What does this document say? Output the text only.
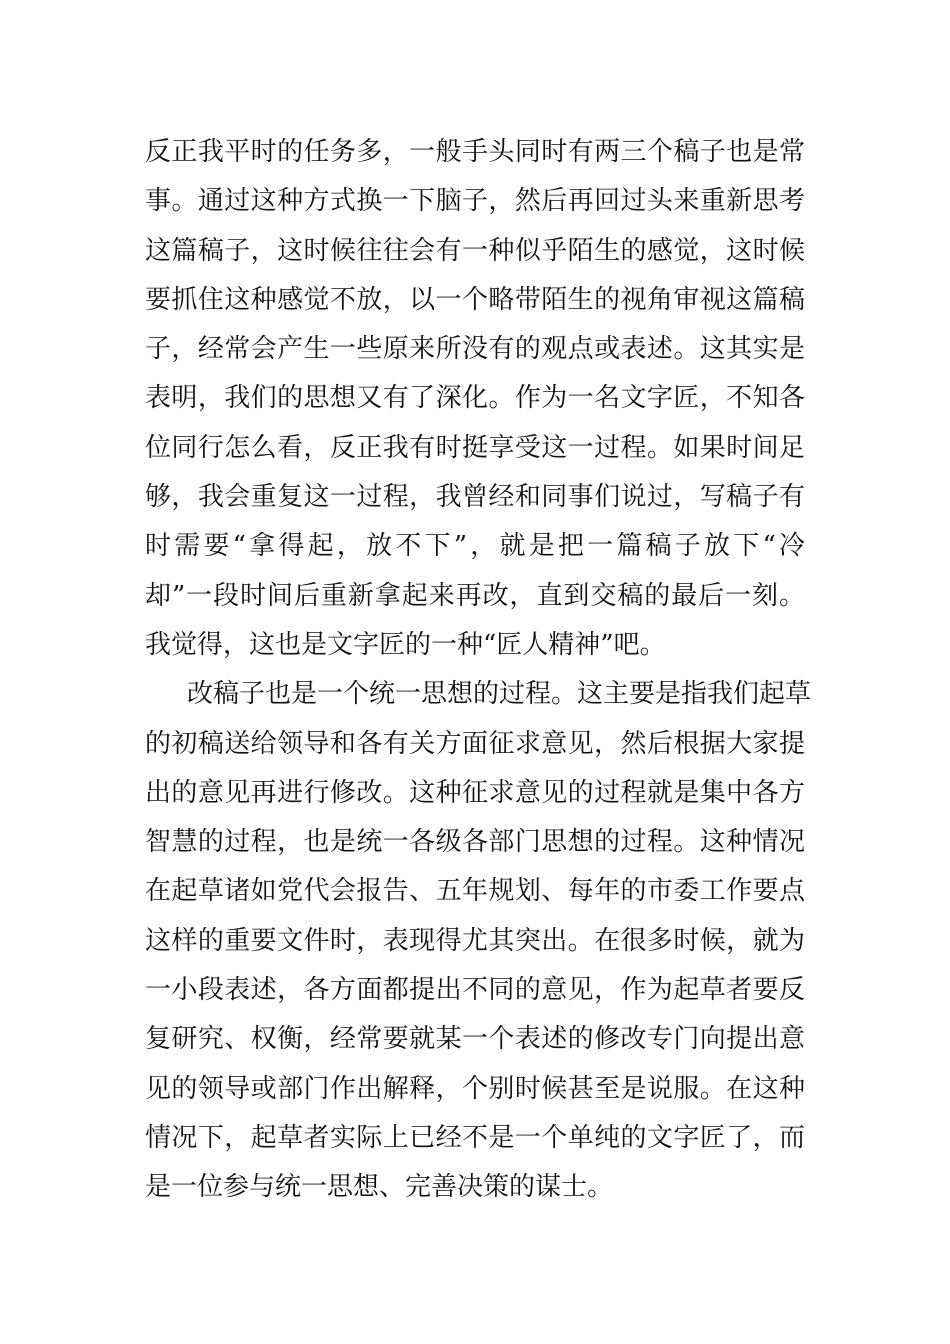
反正我平时的任务多，一般手头同时有两三个稿子也是常
事。通过这种方式换一下脑子，然后再回过头来重新思考
这篇稿子，这时候往往会有一种似乎陌生的感觉，这时候
要抓住这种感觉不放，以一个略带陌生的视角审视这篇稿
子，经常会产生一些原来所没有的观点或表述。这其实是
表明，我们的思想又有了深化。作为一名文字匠，不知各
位同行怎么看，反正我有时挺享受这一过程。如果时间足
够，我会重复这一过程，我曾经和同事们说过，写稿子有
时需要“拿得起，放不下”，就是把一篇稿子放下“冷
却”一段时间后重新拿起来再改，直到交稿的最后一刻。
我觉得，这也是文字匠的一种“匠人精神”吧。
改稿子也是一个统一思想的过程。这主要是指我们起草
的初稿送给领导和各有关方面征求意见，然后根据大家提
出的意见再进行修改。这种征求意见的过程就是集中各方
智慧的过程，也是统一各级各部门思想的过程。这种情况
在起草诸如党代会报告、五年规划、每年的市委工作要点
这样的重要文件时，表现得尤其突出。在很多时候，就为
一小段表述，各方面都提出不同的意见，作为起草者要反
复研究、权衡，经常要就某一个表述的修改专门向提出意
见的领导或部门作出解释，个别时候甚至是说服。在这种
情况下，起草者实际上已经不是一个单纯的文字匠了，而
是一位参与统一思想、完善决策的谋士。
